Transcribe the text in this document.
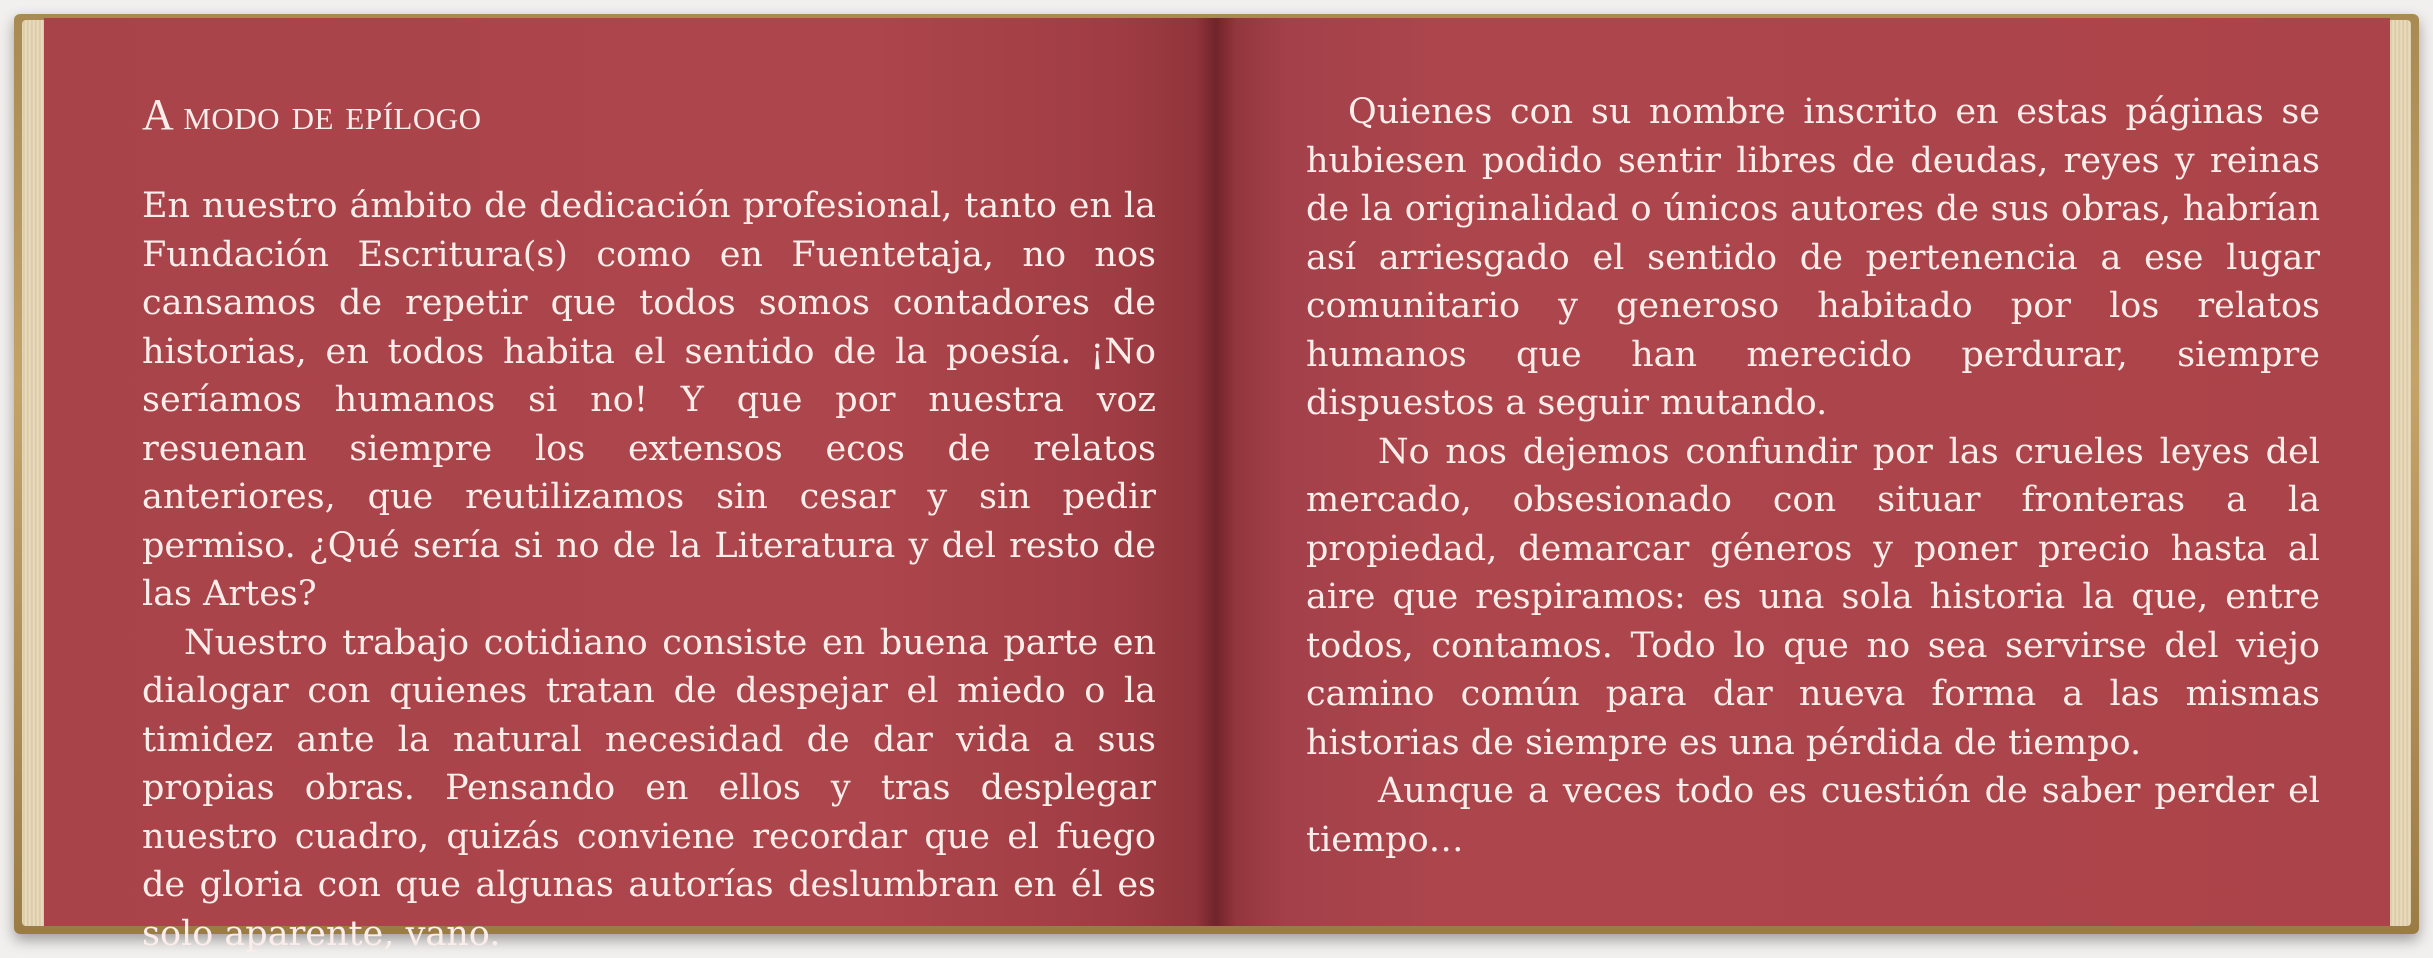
A modo de epílogo

En nuestro ámbito de dedicación profesional, tanto en la Fundación Escritura(s) como en Fuentetaja, no nos cansamos de repetir que todos somos contadores de historias, en todos habita el sentido de la poesía. ¡No seríamos humanos si no! Y que por nuestra voz resuenan siempre los extensos ecos de relatos anteriores, que reutilizamos sin cesar y sin pedir permiso. ¿Qué sería si no de la Literatura y del resto de las Artes?

Nuestro trabajo cotidiano consiste en buena parte en dialogar con quienes tratan de despejar el miedo o la timidez ante la natural necesidad de dar vida a sus propias obras. Pensando en ellos y tras desplegar nuestro cuadro, quizás conviene recordar que el fuego de gloria con que algunas autorías deslumbran en él es solo aparente, vano.

Quienes con su nombre inscrito en estas páginas se hubiesen podido sentir libres de deudas, reyes y reinas de la originalidad o únicos autores de sus obras, habrían así arriesgado el sentido de pertenencia a ese lugar comunitario y generoso habitado por los relatos humanos que han merecido perdurar, siempre dispuestos a seguir mutando.

No nos dejemos confundir por las crueles leyes del mercado, obsesionado con situar fronteras a la propiedad, demarcar géneros y poner precio hasta al aire que respiramos: es una sola historia la que, entre todos, contamos. Todo lo que no sea servirse del viejo camino común para dar nueva forma a las mismas historias de siempre es una pérdida de tiempo.

Aunque a veces todo es cuestión de saber perder el tiempo…
